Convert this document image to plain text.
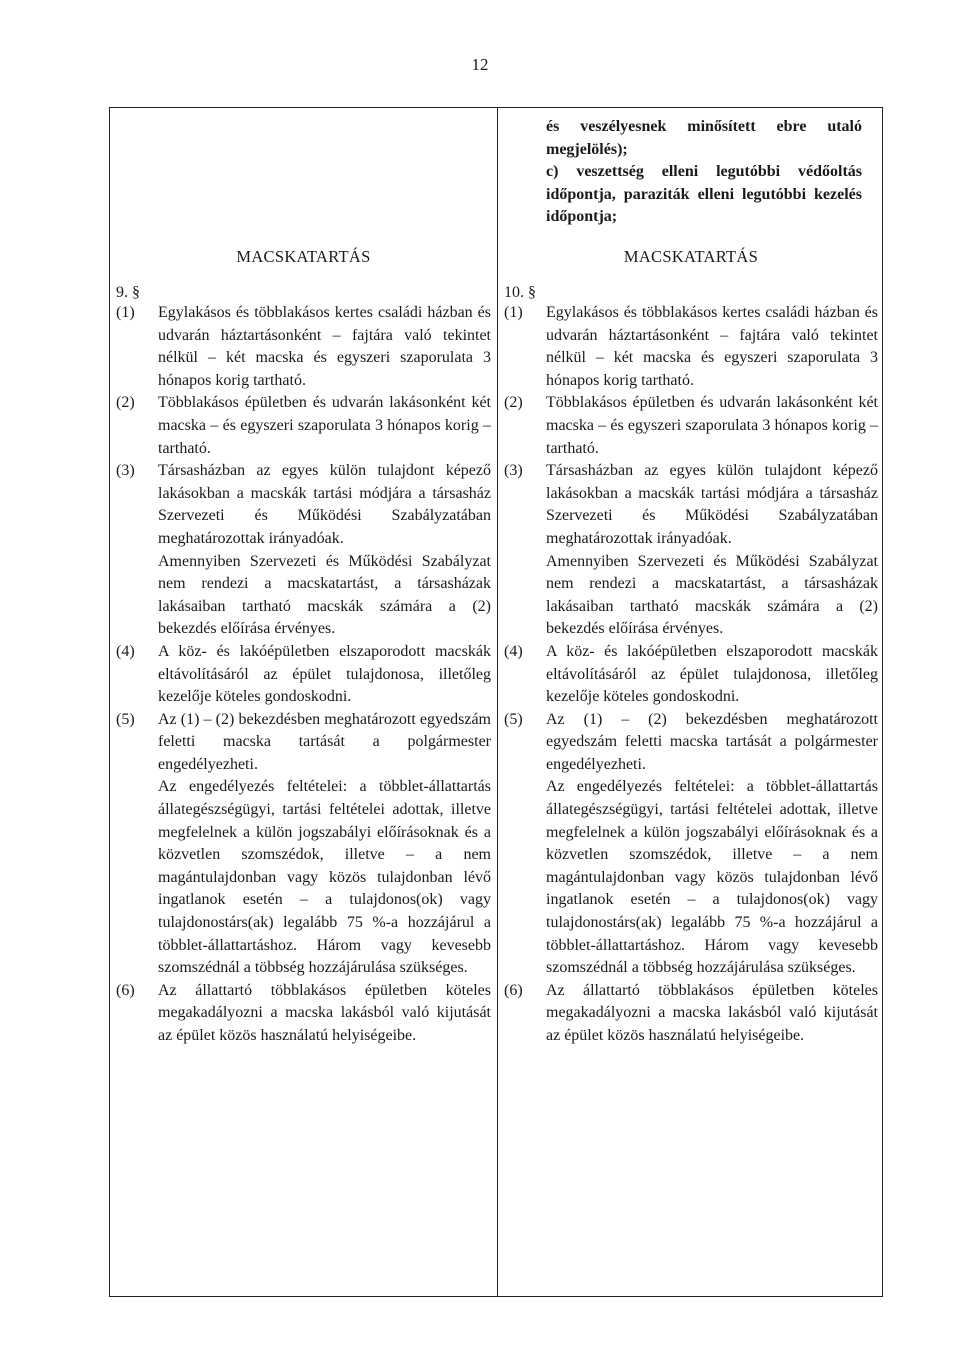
12
MACSKATARTÁS
9. §
(1) Egylakásos és többlakásos kertes családi házban és udvarán háztartásonként – fajtára való tekintet nélkül – két macska és egyszeri szaporulata 3 hónapos korig tartható.

(2) Többlakásos épületben és udvarán lakásonként két macska – és egyszeri szaporulata 3 hónapos korig – tartható.

(3) Társasházban az egyes külön tulajdont képező lakásokban a macskák tartási módjára a társasház Szervezeti és Működési Szabályzatában meghatározottak irányadóak.

Amennyiben Szervezeti és Működési Szabályzat nem rendezi a macskatartást, a társasházak lakásaiban tartható macskák számára a (2) bekezdés előírása érvényes.

(4) A köz- és lakóépületben elszaporodott macskák eltávolításáról az épület tulajdonosa, illetőleg kezelője köteles gondoskodni.

(5) Az (1) – (2) bekezdésben meghatározott egyedszám feletti macska tartását a polgármester engedélyezheti.

Az engedélyezés feltételei: a többlet-állattartás állategészségügyi, tartási feltételei adottak, illetve megfelelnek a külön jogszabályi előírásoknak és a közvetlen szomszédok, illetve – a nem magántulajdonban vagy közös tulajdonban lévő ingatlanok esetén – a tulajdonos(ok) vagy tulajdonostárs(ak) legalább 75 %-a hozzájárul a többlet-állattartáshoz. Három vagy kevesebb szomszédnál a többség hozzájárulása szükséges.

(6) Az állattartó többlakásos épületben köteles megakadályozni a macska lakásból való kijutását az épület közös használatú helyiségeibe.

és veszélyesnek minősített ebre utaló megjelölés);

c) veszettség elleni legutóbbi védőoltás időpontja, paraziták elleni legutóbbi kezelés időpontja;

MACSKATARTÁS
10. §
(1) Egylakásos és többlakásos kertes családi házban és udvarán háztartásonként – fajtára való tekintet nélkül – két macska és egyszeri szaporulata 3 hónapos korig tartható.

(2) Többlakásos épületben és udvarán lakásonként két macska – és egyszeri szaporulata 3 hónapos korig – tartható.

(3) Társasházban az egyes külön tulajdont képező lakásokban a macskák tartási módjára a társasház Szervezeti és Működési Szabályzatában meghatározottak irányadóak.

Amennyiben Szervezeti és Működési Szabályzat nem rendezi a macskatartást, a társasházak lakásaiban tartható macskák számára a (2) bekezdés előírása érvényes.

(4) A köz- és lakóépületben elszaporodott macskák eltávolításáról az épület tulajdonosa, illetőleg kezelője köteles gondoskodni.

(5) Az (1) – (2) bekezdésben meghatározott egyedszám feletti macska tartását a polgármester engedélyezheti.

Az engedélyezés feltételei: a többlet-állattartás állategészségügyi, tartási feltételei adottak, illetve megfelelnek a külön jogszabályi előírásoknak és a közvetlen szomszédok, illetve – a nem magántulajdonban vagy közös tulajdonban lévő ingatlanok esetén – a tulajdonos(ok) vagy tulajdonostárs(ak) legalább 75 %-a hozzájárul a többlet-állattartáshoz. Három vagy kevesebb szomszédnál a többség hozzájárulása szükséges.

(6) Az állattartó többlakásos épületben köteles megakadályozni a macska lakásból való kijutását az épület közös használatú helyiségeibe.
